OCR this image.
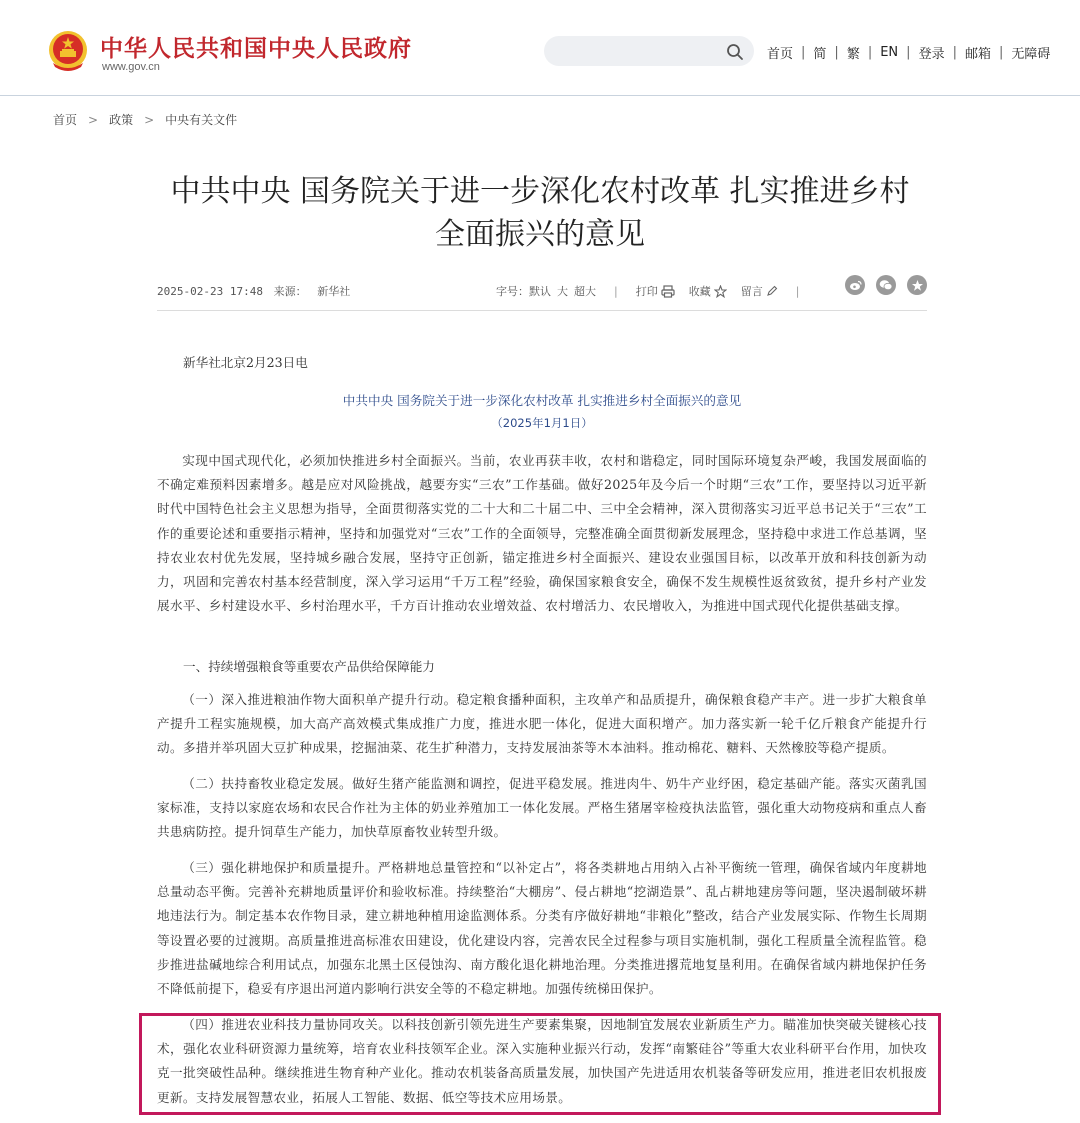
中华人民共和国中央人民政府
www.gov.cn
首页 | 简 | 繁 | EN | 登录 | 邮箱 | 无障碍
首页 > 政策 > 中央有关文件
中共中央 国务院关于进一步深化农村改革 扎实推进乡村
全面振兴的意见
2025-02-23 17:48 来源： 新华社	字号： 默认 大 超大 | 打印	收藏	留言	|
新华社北京2月23日电
中共中央 国务院关于进一步深化农村改革 扎实推进乡村全面振兴的意见
（2025年1月1日）

实现中国式现代化，必须加快推进乡村全面振兴。当前，农业再获丰收，农村和谐稳定，同时国际环境复杂严峻，我国发展面临的不确定难预料因素增多。越是应对风险挑战，越要夯实“三农”工作基础。做好2025年及今后一个时期“三农”工作，要坚持以习近平新时代中国特色社会主义思想为指导，全面贯彻落实党的二十大和二十届二中、三中全会精神，深入贯彻落实习近平总书记关于“三农”工作的重要论述和重要指示精神，坚持和加强党对“三农”工作的全面领导，完整准确全面贯彻新发展理念，坚持稳中求进工作总基调，坚持农业农村优先发展，坚持城乡融合发展，坚持守正创新，锚定推进乡村全面振兴、建设农业强国目标，以改革开放和科技创新为动力，巩固和完善农村基本经营制度，深入学习运用“千万工程”经验，确保国家粮食安全，确保不发生规模性返贫致贫，提升乡村产业发展水平、乡村建设水平、乡村治理水平，千方百计推动农业增效益、农村增活力、农民增收入，为推进中国式现代化提供基础支撑。

一、持续增强粮食等重要农产品供给保障能力

（一）深入推进粮油作物大面积单产提升行动。稳定粮食播种面积，主攻单产和品质提升，确保粮食稳产丰产。进一步扩大粮食单产提升工程实施规模，加大高产高效模式集成推广力度，推进水肥一体化，促进大面积增产。加力落实新一轮千亿斤粮食产能提升行动。多措并举巩固大豆扩种成果，挖掘油菜、花生扩种潜力，支持发展油茶等木本油料。推动棉花、糖料、天然橡胶等稳产提质。

（二）扶持畜牧业稳定发展。做好生猪产能监测和调控，促进平稳发展。推进肉牛、奶牛产业纾困，稳定基础产能。落实灭菌乳国家标准，支持以家庭农场和农民合作社为主体的奶业养殖加工一体化发展。严格生猪屠宰检疫执法监管，强化重大动物疫病和重点人畜共患病防控。提升饲草生产能力，加快草原畜牧业转型升级。

（三）强化耕地保护和质量提升。严格耕地总量管控和“以补定占”，将各类耕地占用纳入占补平衡统一管理，确保省域内年度耕地总量动态平衡。完善补充耕地质量评价和验收标准。持续整治“大棚房”、侵占耕地“挖湖造景”、乱占耕地建房等问题，坚决遏制破坏耕地违法行为。制定基本农作物目录，建立耕地种植用途监测体系。分类有序做好耕地“非粮化”整改，结合产业发展实际、作物生长周期等设置必要的过渡期。高质量推进高标准农田建设，优化建设内容，完善农民全过程参与项目实施机制，强化工程质量全流程监管。稳步推进盐碱地综合利用试点，加强东北黑土区侵蚀沟、南方酸化退化耕地治理。分类推进撂荒地复垦利用。在确保省域内耕地保护任务不降低前提下，稳妥有序退出河道内影响行洪安全等的不稳定耕地。加强传统梯田保护。

（四）推进农业科技力量协同攻关。以科技创新引领先进生产要素集聚，因地制宜发展农业新质生产力。瞄准加快突破关键核心技术，强化农业科研资源力量统筹，培育农业科技领军企业。深入实施种业振兴行动，发挥“南繁硅谷”等重大农业科研平台作用，加快攻克一批突破性品种。继续推进生物育种产业化。推动农机装备高质量发展，加快国产先进适用农机装备等研发应用，推进老旧农机报废更新。支持发展智慧农业，拓展人工智能、数据、低空等技术应用场景。
